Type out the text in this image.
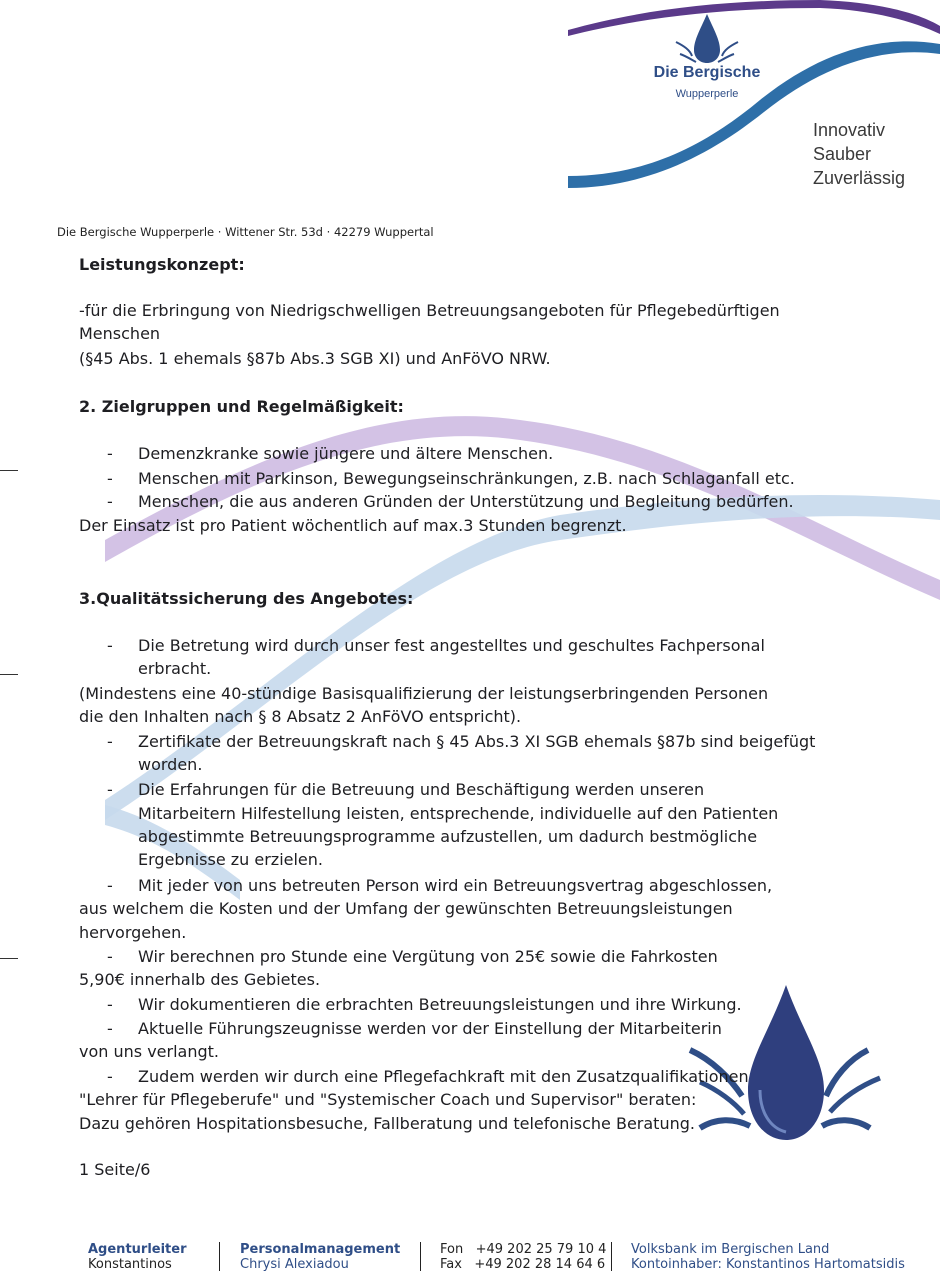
Die Bergische
Wupperperle
Innovativ
Sauber
Zuverlässig
Die Bergische Wupperperle · Wittener Str. 53d · 42279 Wuppertal
Leistungskonzept:
-für die Erbringung von Niedrigschwelligen Betreuungsangeboten für Pflegebedürftigen
Menschen
(§45 Abs. 1 ehemals §87b Abs.3 SGB XI) und AnFöVO NRW.
2. Zielgruppen und Regelmäßigkeit:
- Demenzkranke sowie jüngere und ältere Menschen.
- Menschen mit Parkinson, Bewegungseinschränkungen, z.B. nach Schlaganfall etc.
- Menschen, die aus anderen Gründen der Unterstützung und Begleitung bedürfen.
Der Einsatz ist pro Patient wöchentlich auf max.3 Stunden begrenzt.
3.Qualitätssicherung des Angebotes:
- Die Betretung wird durch unser fest angestelltes und geschultes Fachpersonal
erbracht.
(Mindestens eine 40-stündige Basisqualifizierung der leistungserbringenden Personen
die den Inhalten nach § 8 Absatz 2 AnFöVO entspricht).
- Zertifikate der Betreuungskraft nach § 45 Abs.3 XI SGB ehemals §87b sind beigefügt
worden.
- Die Erfahrungen für die Betreuung und Beschäftigung werden unseren
Mitarbeitern Hilfestellung leisten, entsprechende, individuelle auf den Patienten
abgestimmte Betreuungsprogramme aufzustellen, um dadurch bestmögliche
Ergebnisse zu erzielen.
- Mit jeder von uns betreuten Person wird ein Betreuungsvertrag abgeschlossen,
aus welchem die Kosten und der Umfang der gewünschten Betreuungsleistungen
hervorgehen.
- Wir berechnen pro Stunde eine Vergütung von 25€ sowie die Fahrkosten
5,90€ innerhalb des Gebietes.
- Wir dokumentieren die erbrachten Betreuungsleistungen und ihre Wirkung.
- Aktuelle Führungszeugnisse werden vor der Einstellung der Mitarbeiterin
von uns verlangt.
- Zudem werden wir durch eine Pflegefachkraft mit den Zusatzqualifikationen
"Lehrer für Pflegeberufe" und "Systemischer Coach und Supervisor" beraten:
Dazu gehören Hospitationsbesuche, Fallberatung und telefonische Beratung.
1 Seite/6
Agenturleiter
Konstantinos
Personalmanagement
Chrysi Alexiadou
Fon   +49 202 25 79 10 4
Fax   +49 202 28 14 64 6
Volksbank im Bergischen Land
Kontoinhaber: Konstantinos Hartomatsidis
